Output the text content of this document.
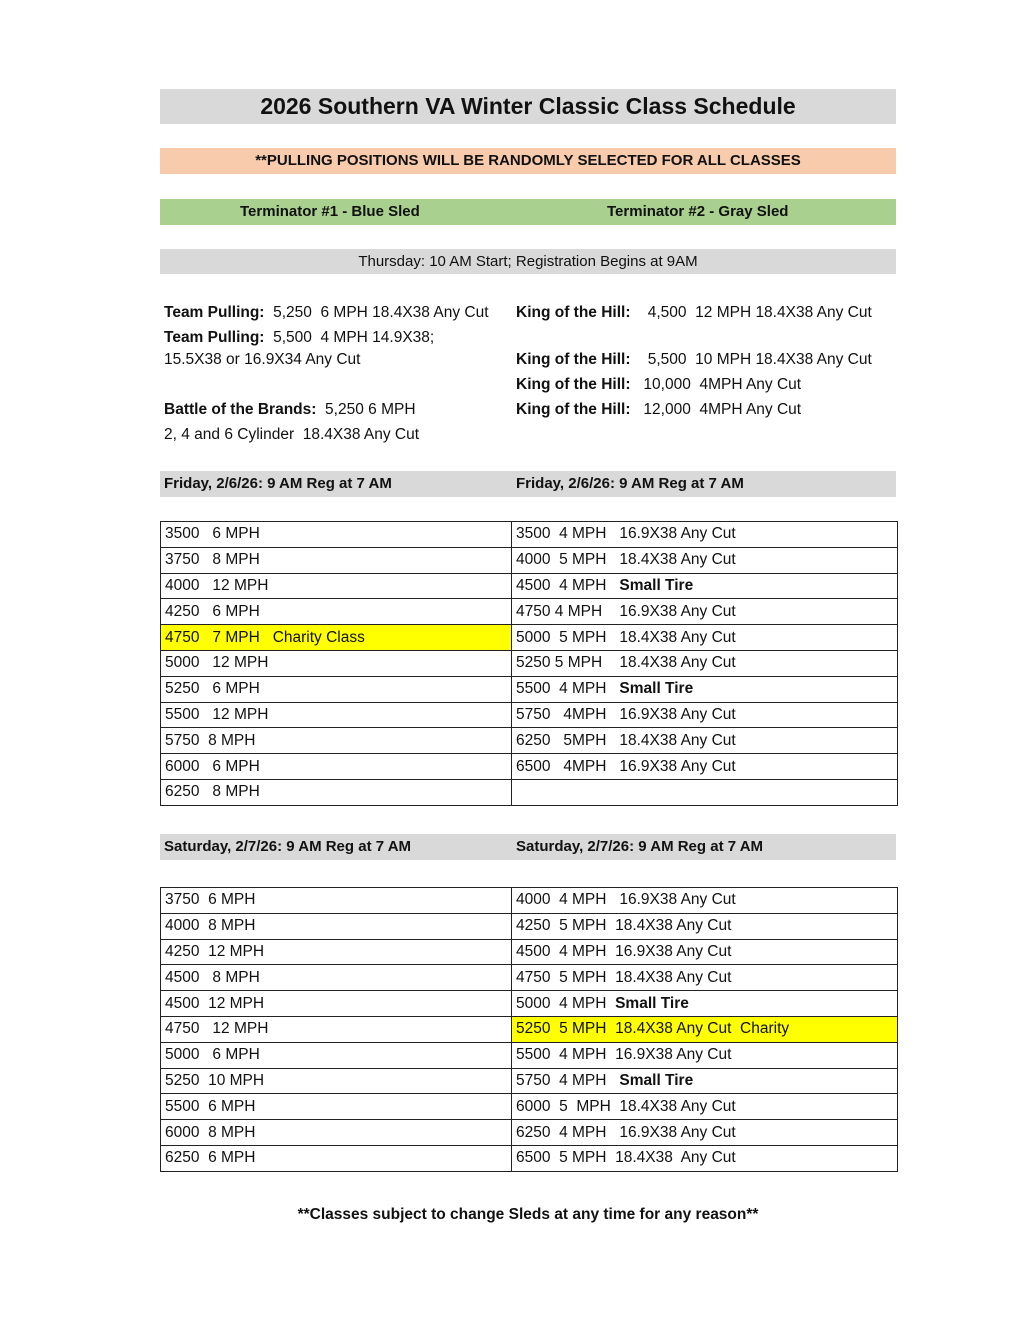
2026 Southern VA Winter Classic Class Schedule
**PULLING POSITIONS WILL BE RANDOMLY SELECTED FOR ALL CLASSES
Terminator #1 - Blue Sled	Terminator #2 - Gray Sled
Thursday: 10 AM Start; Registration Begins at 9AM
Team Pulling:  5,250  6 MPH 18.4X38 Any Cut
Team Pulling:  5,500  4 MPH 14.9X38;
15.5X38 or 16.9X34 Any Cut
Battle of the Brands:  5,250 6 MPH
2, 4 and 6 Cylinder  18.4X38 Any Cut
King of the Hill:    4,500  12 MPH 18.4X38 Any Cut
King of the Hill:    5,500  10 MPH 18.4X38 Any Cut
King of the Hill:   10,000  4MPH Any Cut
King of the Hill:   12,000  4MPH Any Cut
Friday, 2/6/26: 9 AM Reg at 7 AM	Friday, 2/6/26: 9 AM Reg at 7 AM
3500   6 MPH	3500  4 MPH   16.9X38 Any Cut
3750   8 MPH	4000  5 MPH   18.4X38 Any Cut
4000   12 MPH	4500  4 MPH   Small Tire
4250   6 MPH	4750 4 MPH    16.9X38 Any Cut
4750   7 MPH   Charity Class	5000  5 MPH   18.4X38 Any Cut
5000   12 MPH	5250 5 MPH    18.4X38 Any Cut
5250   6 MPH	5500  4 MPH   Small Tire
5500   12 MPH	5750   4MPH   16.9X38 Any Cut
5750  8 MPH	6250   5MPH   18.4X38 Any Cut
6000   6 MPH	6500   4MPH   16.9X38 Any Cut
6250   8 MPH	
Saturday, 2/7/26: 9 AM Reg at 7 AM	Saturday, 2/7/26: 9 AM Reg at 7 AM
3750  6 MPH	4000  4 MPH   16.9X38 Any Cut
4000  8 MPH	4250  5 MPH  18.4X38 Any Cut
4250  12 MPH	4500  4 MPH  16.9X38 Any Cut
4500   8 MPH	4750  5 MPH  18.4X38 Any Cut
4500  12 MPH	5000  4 MPH  Small Tire
4750   12 MPH	5250  5 MPH  18.4X38 Any Cut  Charity
5000   6 MPH	5500  4 MPH  16.9X38 Any Cut
5250  10 MPH	5750  4 MPH   Small Tire
5500  6 MPH	6000  5  MPH  18.4X38 Any Cut
6000  8 MPH	6250  4 MPH   16.9X38 Any Cut
6250  6 MPH	6500  5 MPH  18.4X38  Any Cut
**Classes subject to change Sleds at any time for any reason**
